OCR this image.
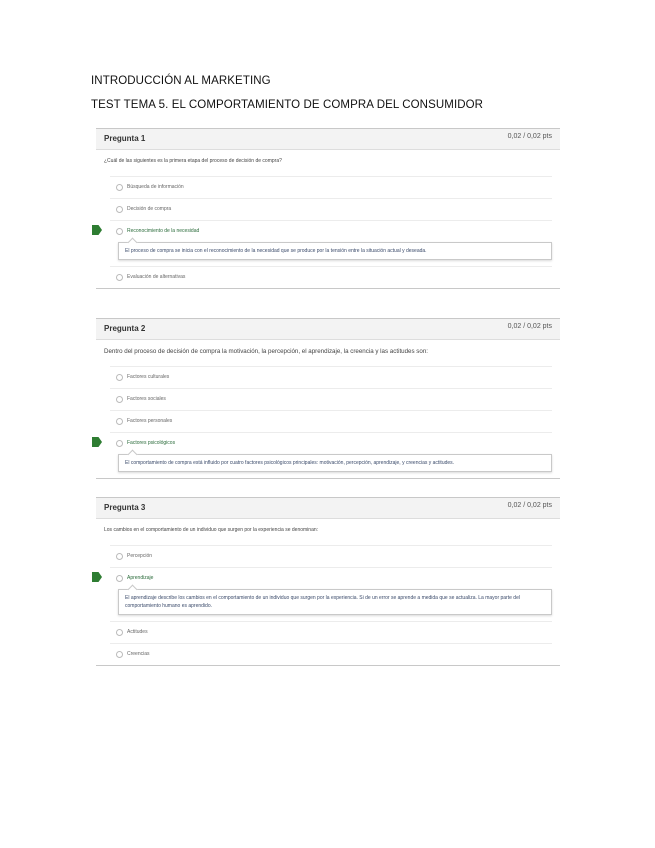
INTRODUCCIÓN AL MARKETING
TEST TEMA 5. EL COMPORTAMIENTO DE COMPRA DEL CONSUMIDOR
Pregunta 1	0,02 / 0,02 pts
¿Cuál de las siguientes es la primera etapa del proceso de decisión de compra?
Búsqueda de información
Decisión de compra
Reconocimiento de la necesidad
El proceso de compra se inicia con el reconocimiento de la necesidad que se produce por la tensión entre la situación actual y deseada.
Evaluación de alternativas
Pregunta 2	0,02 / 0,02 pts
Dentro del proceso de decisión de compra la motivación, la percepción, el aprendizaje, la creencia y las actitudes son:
Factores culturales
Factores sociales
Factores personales
Factores psicológicos
El comportamiento de compra está influido por cuatro factores psicológicos principales: motivación, percepción, aprendizaje, y creencias y actitudes.
Pregunta 3	0,02 / 0,02 pts
Los cambios en el comportamiento de un individuo que surgen por la experiencia se denominan:
Percepción
Aprendizaje
El aprendizaje describe los cambios en el comportamiento de un individuo que surgen por la experiencia. Si de un error se aprende a medida que se actualiza. La mayor parte del comportamiento humano es aprendido.
Actitudes
Creencias
